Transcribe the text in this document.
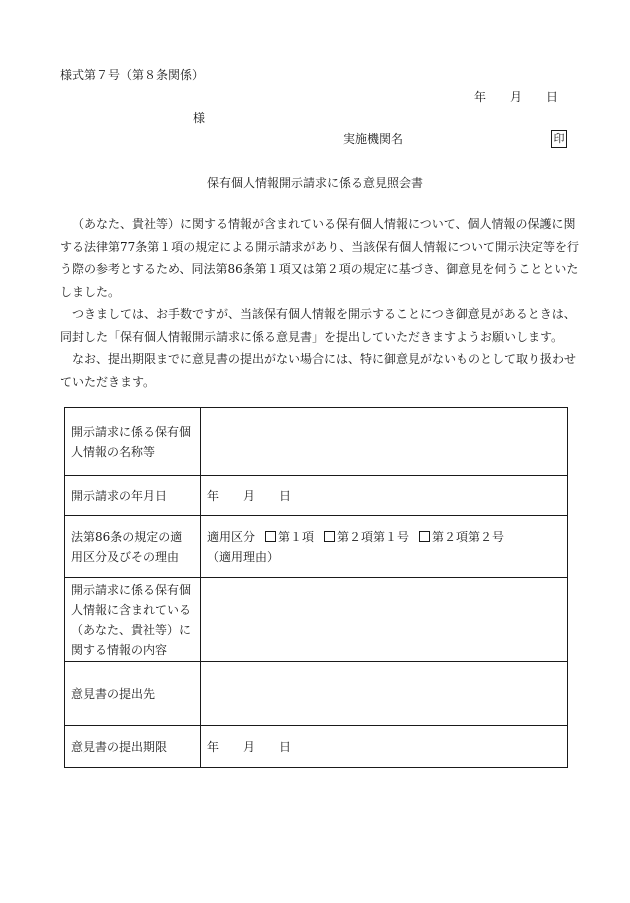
様式第７号（第８条関係）
年 月 日
様
実施機関名	印
保有個人情報開示請求に係る意見照会書

（あなた、貴社等）に関する情報が含まれている保有個人情報について、個人情報の保護に関する法律第77条第１項の規定による開示請求があり、当該保有個人情報について開示決定等を行う際の参考とするため、同法第86条第１項又は第２項の規定に基づき、御意見を伺うことといたしました。

つきましては、お手数ですが、当該保有個人情報を開示することにつき御意見があるときは、同封した「保有個人情報開示請求に係る意見書」を提出していただきますようお願いします。

なお、提出期限までに意見書の提出がない場合には、特に御意見がないものとして取り扱わせていただきます。

開示請求に係る保有個人情報の名称等	
開示請求の年月日	年 月 日
法第86条の規定の適用区分及びその理由	適用区分 第１項 第２項第１号 第２項第２号
（適用理由）

開示請求に係る保有個人情報に含まれている（あなた、貴社等）に関する情報の内容	
意見書の提出先	
意見書の提出期限	年 月 日
